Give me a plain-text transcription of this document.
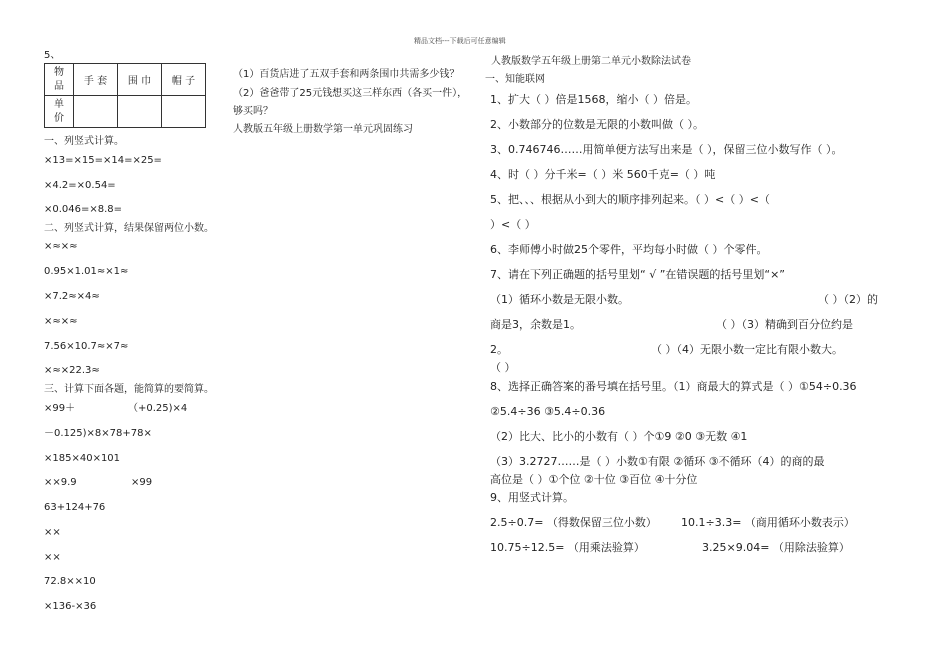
精品文档---下载后可任意编辑
5、
物品	手 套	围 巾	帽 子
单价			
（1）百货店进了五双手套和两条围巾共需多少钱？
（2）爸爸带了25元钱想买这三样东西（各买一件），
够买吗？
人教版五年级上册数学第一单元巩固练习
一、列竖式计算。
×13=×15=×14=×25=
×4.2=×0.54=
×0.046=×8.8=
二、列竖式计算，结果保留两位小数。
×≈×≈
0.95×1.01≈×1≈
×7.2≈×4≈
×≈×≈
7.56×10.7≈×7≈
×≈×22.3≈
三、计算下面各题，能简算的要简算。
×99＋	（+0.25)×4
－0.125)×8×78+78×
×185×40×101
××9.9	×99
63+124+76
××
××
72.8××10
×136-×36
人教版数学五年级上册第二单元小数除法试卷
一、知能联网
1、扩大（ ）倍是1568，缩小（ ）倍是。
2、小数部分的位数是无限的小数叫做（ ）。
3、0.746746……用简单便方法写出来是（ ），保留三位小数写作（ ）。
4、时（ ）分千米=（ ）米 560千克=（ ）吨
5、把、、、根据从小到大的顺序排列起来。（ ）<（ ）<（
）<（ ）
6、李师傅小时做25个零件，平均每小时做（ ）个零件。
7、请在下列正确题的括号里划“ √ ”在错误题的括号里划“×”
（1）循环小数是无限小数。	（ ）（2）的
商是3，余数是1。	（ ）（3）精确到百分位约是
2。	（ ）（4）无限小数一定比有限小数大。
（ ）
8、选择正确答案的番号填在括号里。（1）商最大的算式是（ ）①54÷0.36
②5.4÷36 ③5.4÷0.36
（2）比大、比小的小数有（ ）个①9 ②0 ③无数 ④1
（3）3.2727……是（ ）小数①有限 ②循环 ③不循环（4）的商的最
高位是（ ）①个位 ②十位 ③百位 ④十分位
9、用竖式计算。
2.5÷0.7= （得数保留三位小数） 10.1÷3.3= （商用循环小数表示）
10.75÷12.5= （用乘法验算）	3.25×9.04= （用除法验算）
